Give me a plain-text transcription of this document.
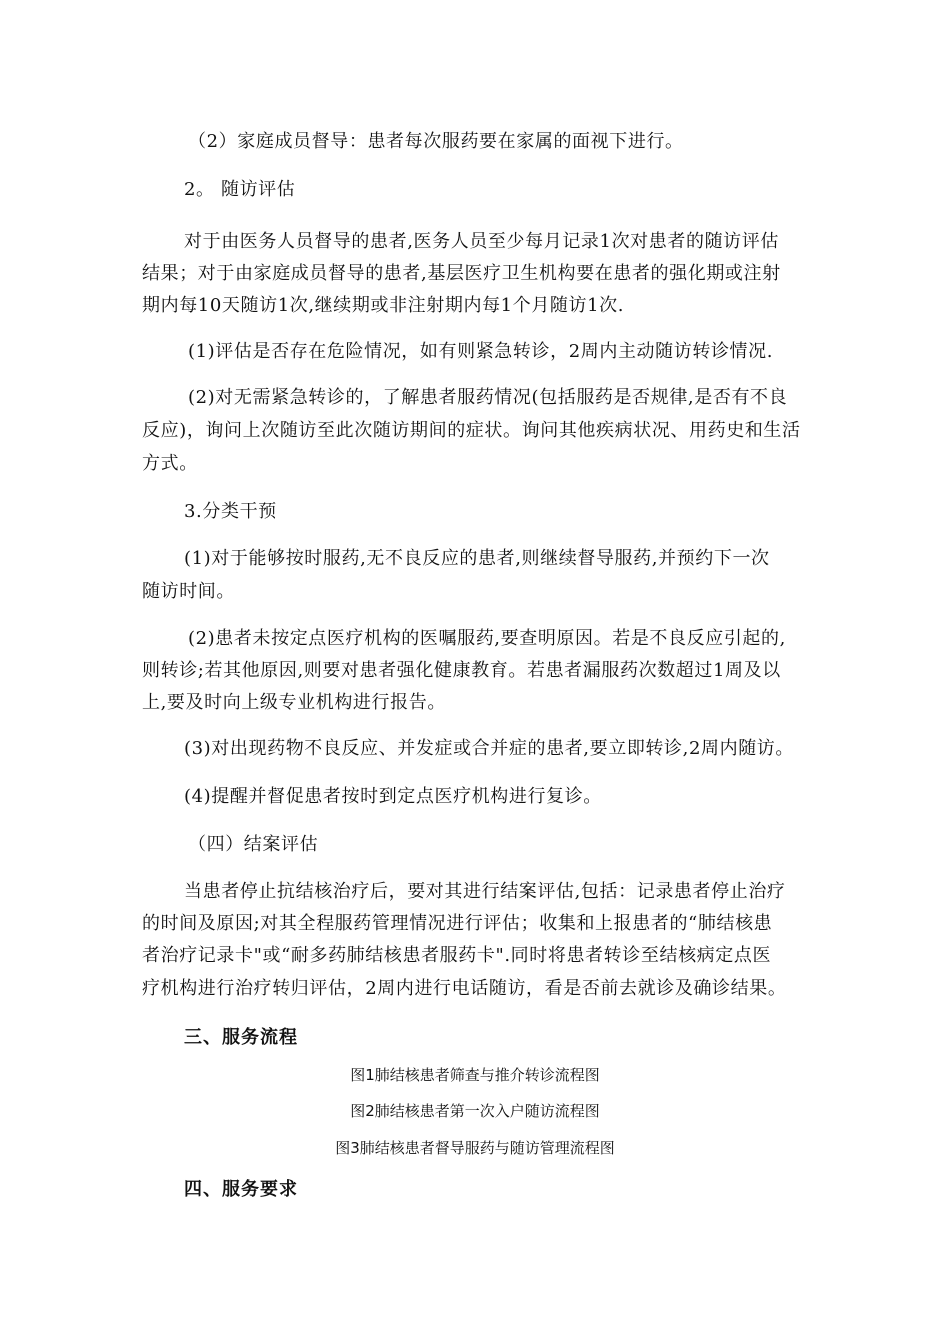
（2）家庭成员督导：患者每次服药要在家属的面视下进行。
2。 随访评估
对于由医务人员督导的患者,医务人员至少每月记录1次对患者的随访评估
结果；对于由家庭成员督导的患者,基层医疗卫生机构要在患者的强化期或注射
期内每10天随访1次,继续期或非注射期内每1个月随访1次.
(1)评估是否存在危险情况，如有则紧急转诊，2周内主动随访转诊情况.
(2)对无需紧急转诊的，了解患者服药情况(包括服药是否规律,是否有不良
反应)，询问上次随访至此次随访期间的症状。询问其他疾病状况、用药史和生活
方式。
3.分类干预
(1)对于能够按时服药,无不良反应的患者,则继续督导服药,并预约下一次
随访时间。
(2)患者未按定点医疗机构的医嘱服药,要查明原因。若是不良反应引起的,
则转诊;若其他原因,则要对患者强化健康教育。若患者漏服药次数超过1周及以
上,要及时向上级专业机构进行报告。
(3)对出现药物不良反应、并发症或合并症的患者,要立即转诊,2周内随访。
(4)提醒并督促患者按时到定点医疗机构进行复诊。
（四）结案评估
当患者停止抗结核治疗后，要对其进行结案评估,包括：记录患者停止治疗
的时间及原因;对其全程服药管理情况进行评估；收集和上报患者的“肺结核患
者治疗记录卡"或“耐多药肺结核患者服药卡".同时将患者转诊至结核病定点医
疗机构进行治疗转归评估，2周内进行电话随访，看是否前去就诊及确诊结果。
三、服务流程
图1肺结核患者筛查与推介转诊流程图
图2肺结核患者第一次入户随访流程图
图3肺结核患者督导服药与随访管理流程图
四、服务要求
